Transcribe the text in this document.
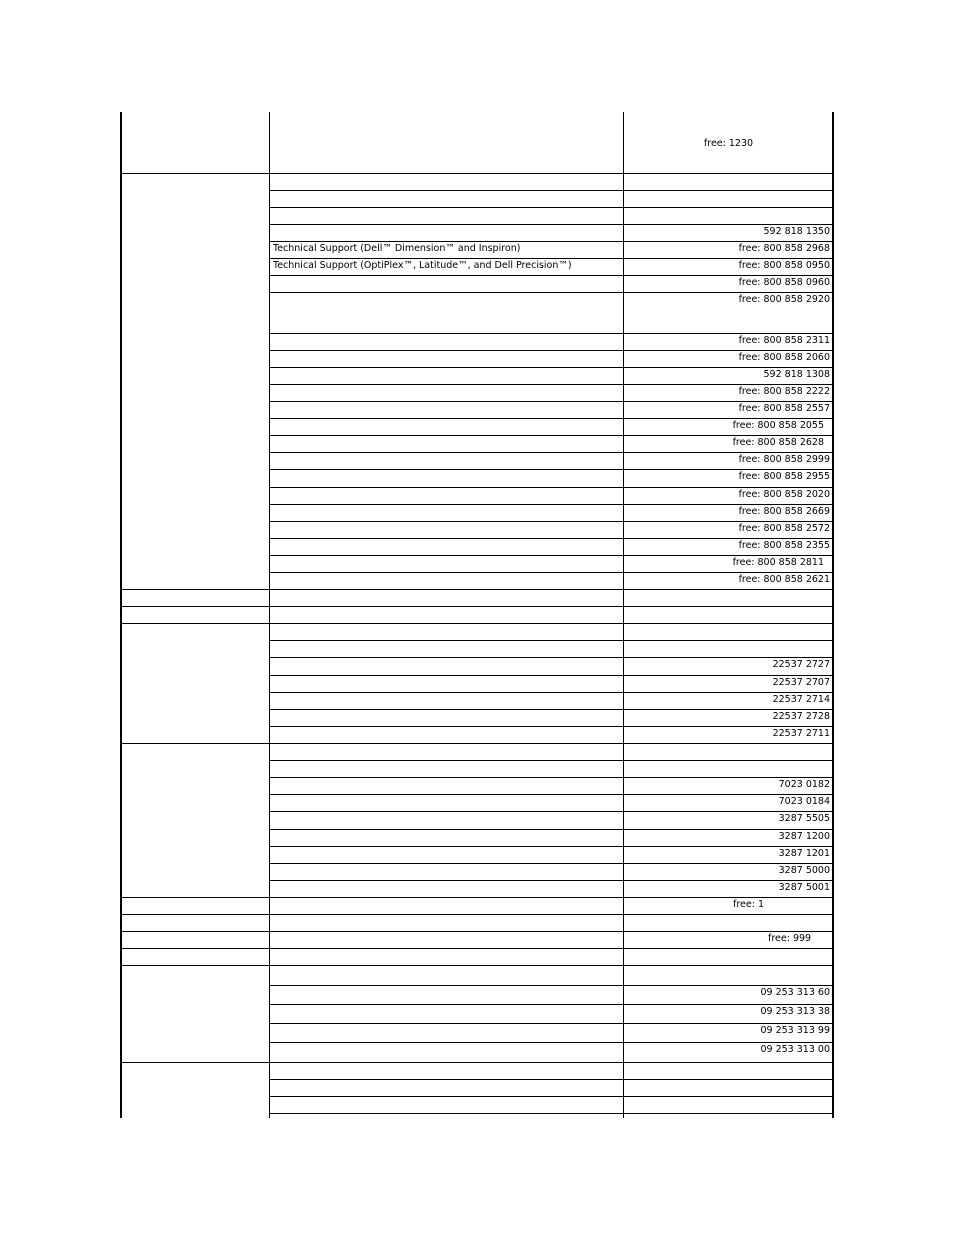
free: 1230
592 818 1350
Technical Support (Dell™ Dimension™ and Inspiron)	free: 800 858 2968
Technical Support (OptiPlex™, Latitude™, and Dell Precision™)	free: 800 858 0950
free: 800 858 0960
free: 800 858 2920
free: 800 858 2311
free: 800 858 2060
592 818 1308
free: 800 858 2222
free: 800 858 2557
free: 800 858 2055
free: 800 858 2628
free: 800 858 2999
free: 800 858 2955
free: 800 858 2020
free: 800 858 2669
free: 800 858 2572
free: 800 858 2355
free: 800 858 2811
free: 800 858 2621
22537 2727
22537 2707
22537 2714
22537 2728
22537 2711
7023 0182
7023 0184
3287 5505
3287 1200
3287 1201
3287 5000
3287 5001
free: 1
free: 999
09 253 313 60
09 253 313 38
09 253 313 99
09 253 313 00
